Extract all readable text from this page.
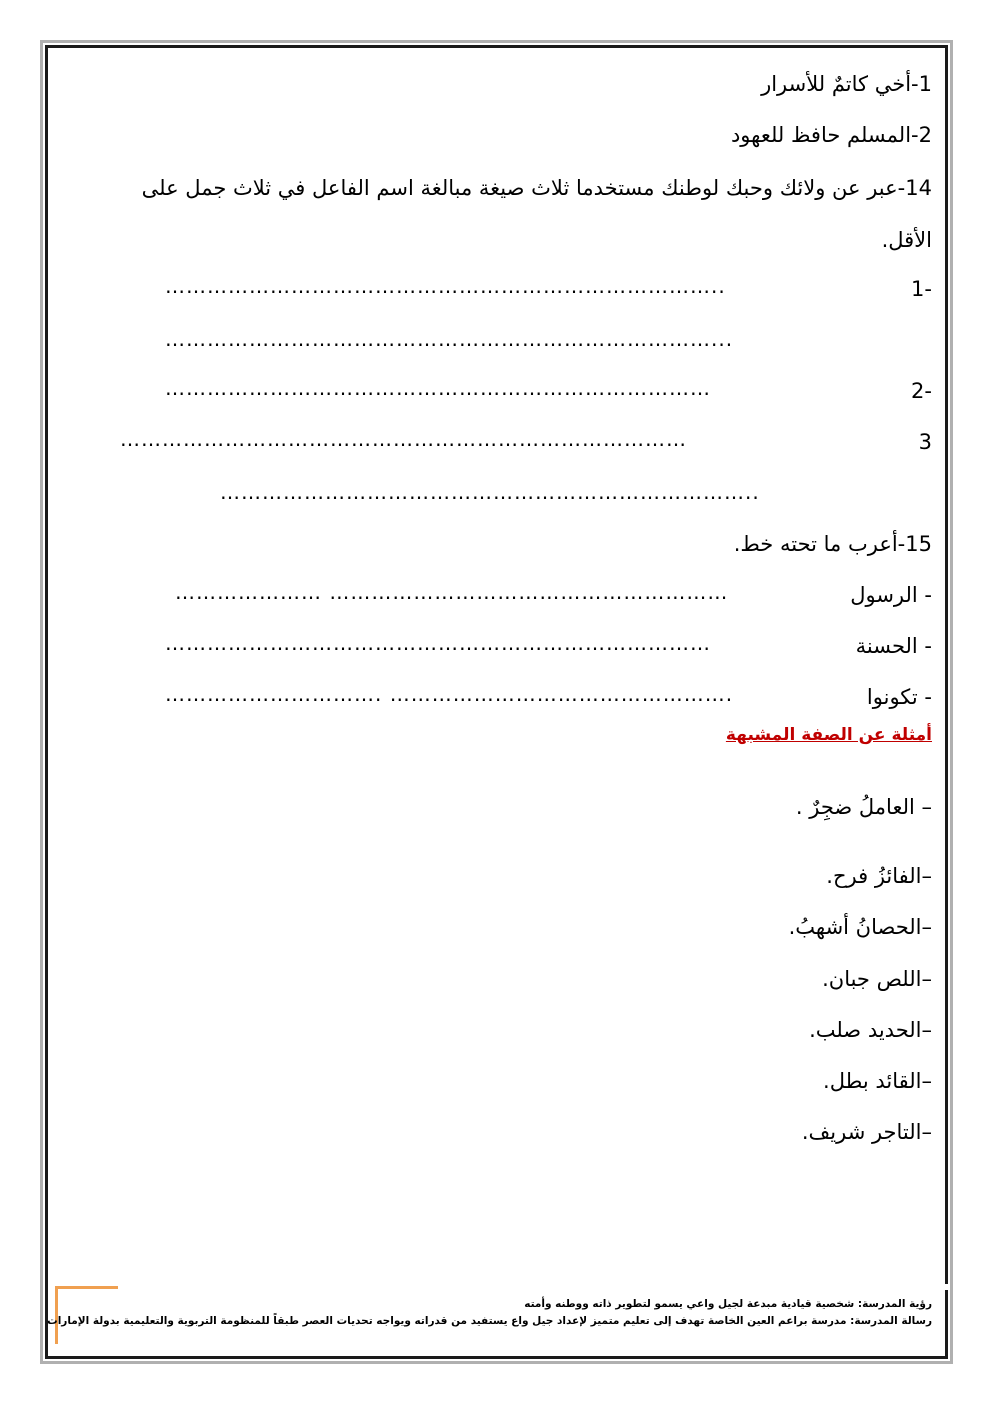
1-أخي كاتمٌ للأسرار
2-المسلم حافظ للعهود
14-عبر عن ولائك وحبك لوطنك مستخدما ثلاث صيغة مبالغة اسم الفاعل في ثلاث جمل على
الأقل.
1-
……………………………………………………………………..
……………………………………………………………………...
2-
……………………………………………………………………
3
………………………………………………………………………
…………………………………………………………………..
15-أعرب ما تحته خط.
- الرسول
………………… …………………………………………………
- الحسنة
……………………………………………………………………
- تكونوا
…………………………. ………………………………………….
أمثلة عن الصفة المشبهة
– العاملُ ضجِرٌ .
–الفائزُ فرح.
–الحصانُ أشهبُ.
–اللص جبان.
–الحديد صلب.
–القائد بطل.
–التاجر شريف.
رؤية المدرسة: شخصية قيادية مبدعة لجيل واعي يسمو لتطوير ذاته ووطنه وأمته
رسالة المدرسة: مدرسة براعم العين الخاصة تهدف إلى تعليم متميز لإعداد جيل واع يستفيد من قدراته ويواجه تحديات العصر طبقاً للمنظومة التربوية والتعليمية بدولة الإمارات
